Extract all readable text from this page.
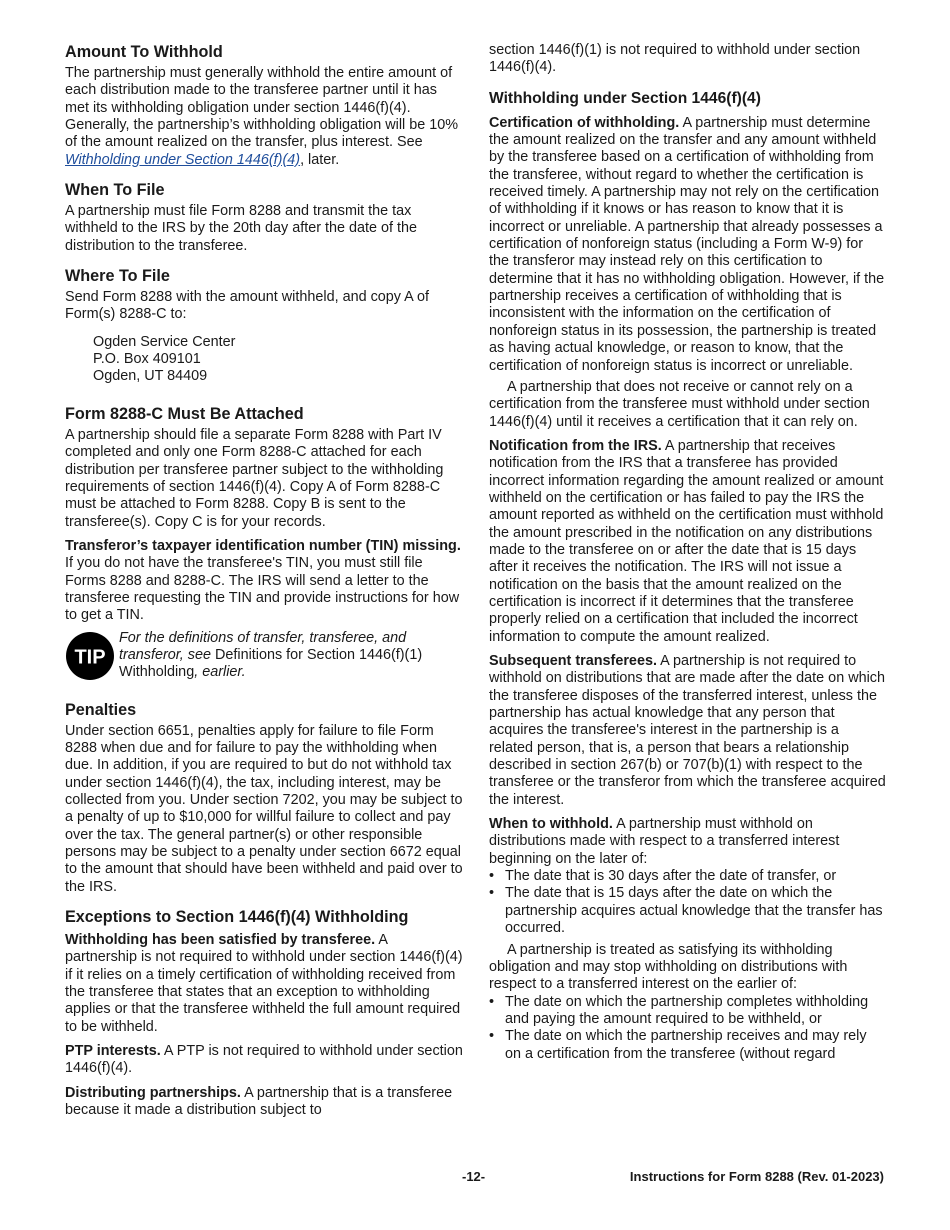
Amount To Withhold

The partnership must generally withhold the entire amount of each distribution made to the transferee partner until it has met its withholding obligation under section 1446(f)(4). Generally, the partnership’s withholding obligation will be 10% of the amount realized on the transfer, plus interest. See Withholding under Section 1446(f)(4), later.

When To File

A partnership must file Form 8288 and transmit the tax withheld to the IRS by the 20th day after the date of the distribution to the transferee.

Where To File

Send Form 8288 with the amount withheld, and copy A of Form(s) 8288-C to:

Ogden Service Center
P.O. Box 409101
Ogden, UT 84409
Form 8288-C Must Be Attached

A partnership should file a separate Form 8288 with Part IV completed and only one Form 8288-C attached for each distribution per transferee partner subject to the withholding requirements of section 1446(f)(4). Copy A of Form 8288-C must be attached to Form 8288. Copy B is sent to the transferee(s). Copy C is for your records.

Transferor’s taxpayer identification number (TIN) missing. If you do not have the transferee's TIN, you must still file Forms 8288 and 8288-C. The IRS will send a letter to the transferee requesting the TIN and provide instructions for how to get a TIN.

TIP
For the definitions of transfer, transferee, and transferor, see Definitions for Section 1446(f)(1) Withholding, earlier.
Penalties

Under section 6651, penalties apply for failure to file Form 8288 when due and for failure to pay the withholding when due. In addition, if you are required to but do not withhold tax under section 1446(f)(4), the tax, including interest, may be collected from you. Under section 7202, you may be subject to a penalty of up to $10,000 for willful failure to collect and pay over the tax. The general partner(s) or other responsible persons may be subject to a penalty under section 6672 equal to the amount that should have been withheld and paid over to the IRS.

Exceptions to Section 1446(f)(4) Withholding

Withholding has been satisfied by transferee. A partnership is not required to withhold under section 1446(f)(4) if it relies on a timely certification of withholding received from the transferee that states that an exception to withholding applies or that the transferee withheld the full amount required to be withheld.

PTP interests. A PTP is not required to withhold under section 1446(f)(4).

Distributing partnerships. A partnership that is a transferee because it made a distribution subject to

section 1446(f)(1) is not required to withhold under section 1446(f)(4).

Withholding under Section 1446(f)(4)

Certification of withholding. A partnership must determine the amount realized on the transfer and any amount withheld by the transferee based on a certification of withholding from the transferee, without regard to whether the certification is received timely. A partnership may not rely on the certification of withholding if it knows or has reason to know that it is incorrect or unreliable. A partnership that already possesses a certification of nonforeign status (including a Form W-9) for the transferor may instead rely on this certification to determine that it has no withholding obligation. However, if the partnership receives a certification of withholding that is inconsistent with the information on the certification of nonforeign status in its possession, the partnership is treated as having actual knowledge, or reason to know, that the certification of nonforeign status is incorrect or unreliable.

A partnership that does not receive or cannot rely on a certification from the transferee must withhold under section 1446(f)(4) until it receives a certification that it can rely on.

Notification from the IRS. A partnership that receives notification from the IRS that a transferee has provided incorrect information regarding the amount realized or amount withheld on the certification or has failed to pay the IRS the amount reported as withheld on the certification must withhold the amount prescribed in the notification on any distributions made to the transferee on or after the date that is 15 days after it receives the notification. The IRS will not issue a notification on the basis that the amount realized on the certification is incorrect if it determines that the transferee properly relied on a certification that included the incorrect information to compute the amount realized.

Subsequent transferees. A partnership is not required to withhold on distributions that are made after the date on which the transferee disposes of the transferred interest, unless the partnership has actual knowledge that any person that acquires the transferee's interest in the partnership is a related person, that is, a person that bears a relationship described in section 267(b) or 707(b)(1) with respect to the transferee or the transferor from which the transferee acquired the interest.

When to withhold. A partnership must withhold on distributions made with respect to a transferred interest beginning on the later of:

• The date that is 30 days after the date of transfer, or
• The date that is 15 days after the date on which the partnership acquires actual knowledge that the transfer has occurred.

A partnership is treated as satisfying its withholding obligation and may stop withholding on distributions with respect to a transferred interest on the earlier of:

• The date on which the partnership completes withholding and paying the amount required to be withheld, or
• The date on which the partnership receives and may rely on a certification from the transferee (without regard
-12-	Instructions for Form 8288 (Rev. 01-2023)
